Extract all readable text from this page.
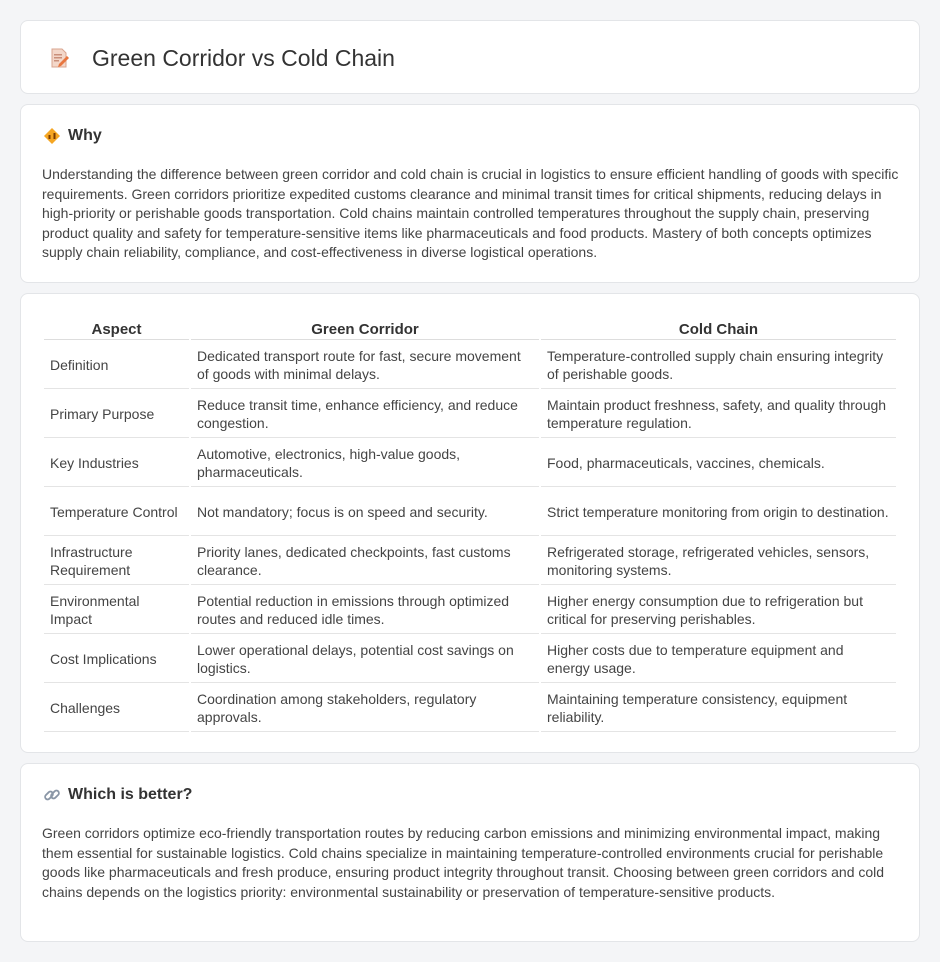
Green Corridor vs Cold Chain
Why

Understanding the difference between green corridor and cold chain is crucial in logistics to ensure efficient handling of goods with specific requirements. Green corridors prioritize expedited customs clearance and minimal transit times for critical shipments, reducing delays in high-priority or perishable goods transportation. Cold chains maintain controlled temperatures throughout the supply chain, preserving product quality and safety for temperature-sensitive items like pharmaceuticals and food products. Mastery of both concepts optimizes supply chain reliability, compliance, and cost-effectiveness in diverse logistical operations.

Aspect	Green Corridor	Cold Chain
Definition	Dedicated transport route for fast, secure movement of goods with minimal delays.	Temperature-controlled supply chain ensuring integrity of perishable goods.
Primary Purpose	Reduce transit time, enhance efficiency, and reduce congestion.	Maintain product freshness, safety, and quality through temperature regulation.
Key Industries	Automotive, electronics, high-value goods, pharmaceuticals.	Food, pharmaceuticals, vaccines, chemicals.
Temperature Control	Not mandatory; focus is on speed and security.	Strict temperature monitoring from origin to destination.
Infrastructure Requirement	Priority lanes, dedicated checkpoints, fast customs clearance.	Refrigerated storage, refrigerated vehicles, sensors, monitoring systems.
Environmental Impact	Potential reduction in emissions through optimized routes and reduced idle times.	Higher energy consumption due to refrigeration but critical for preserving perishables.
Cost Implications	Lower operational delays, potential cost savings on logistics.	Higher costs due to temperature equipment and energy usage.
Challenges	Coordination among stakeholders, regulatory approvals.	Maintaining temperature consistency, equipment reliability.
Which is better?

Green corridors optimize eco-friendly transportation routes by reducing carbon emissions and minimizing environmental impact, making them essential for sustainable logistics. Cold chains specialize in maintaining temperature-controlled environments crucial for perishable goods like pharmaceuticals and fresh produce, ensuring product integrity throughout transit. Choosing between green corridors and cold chains depends on the logistics priority: environmental sustainability or preservation of temperature-sensitive products.
